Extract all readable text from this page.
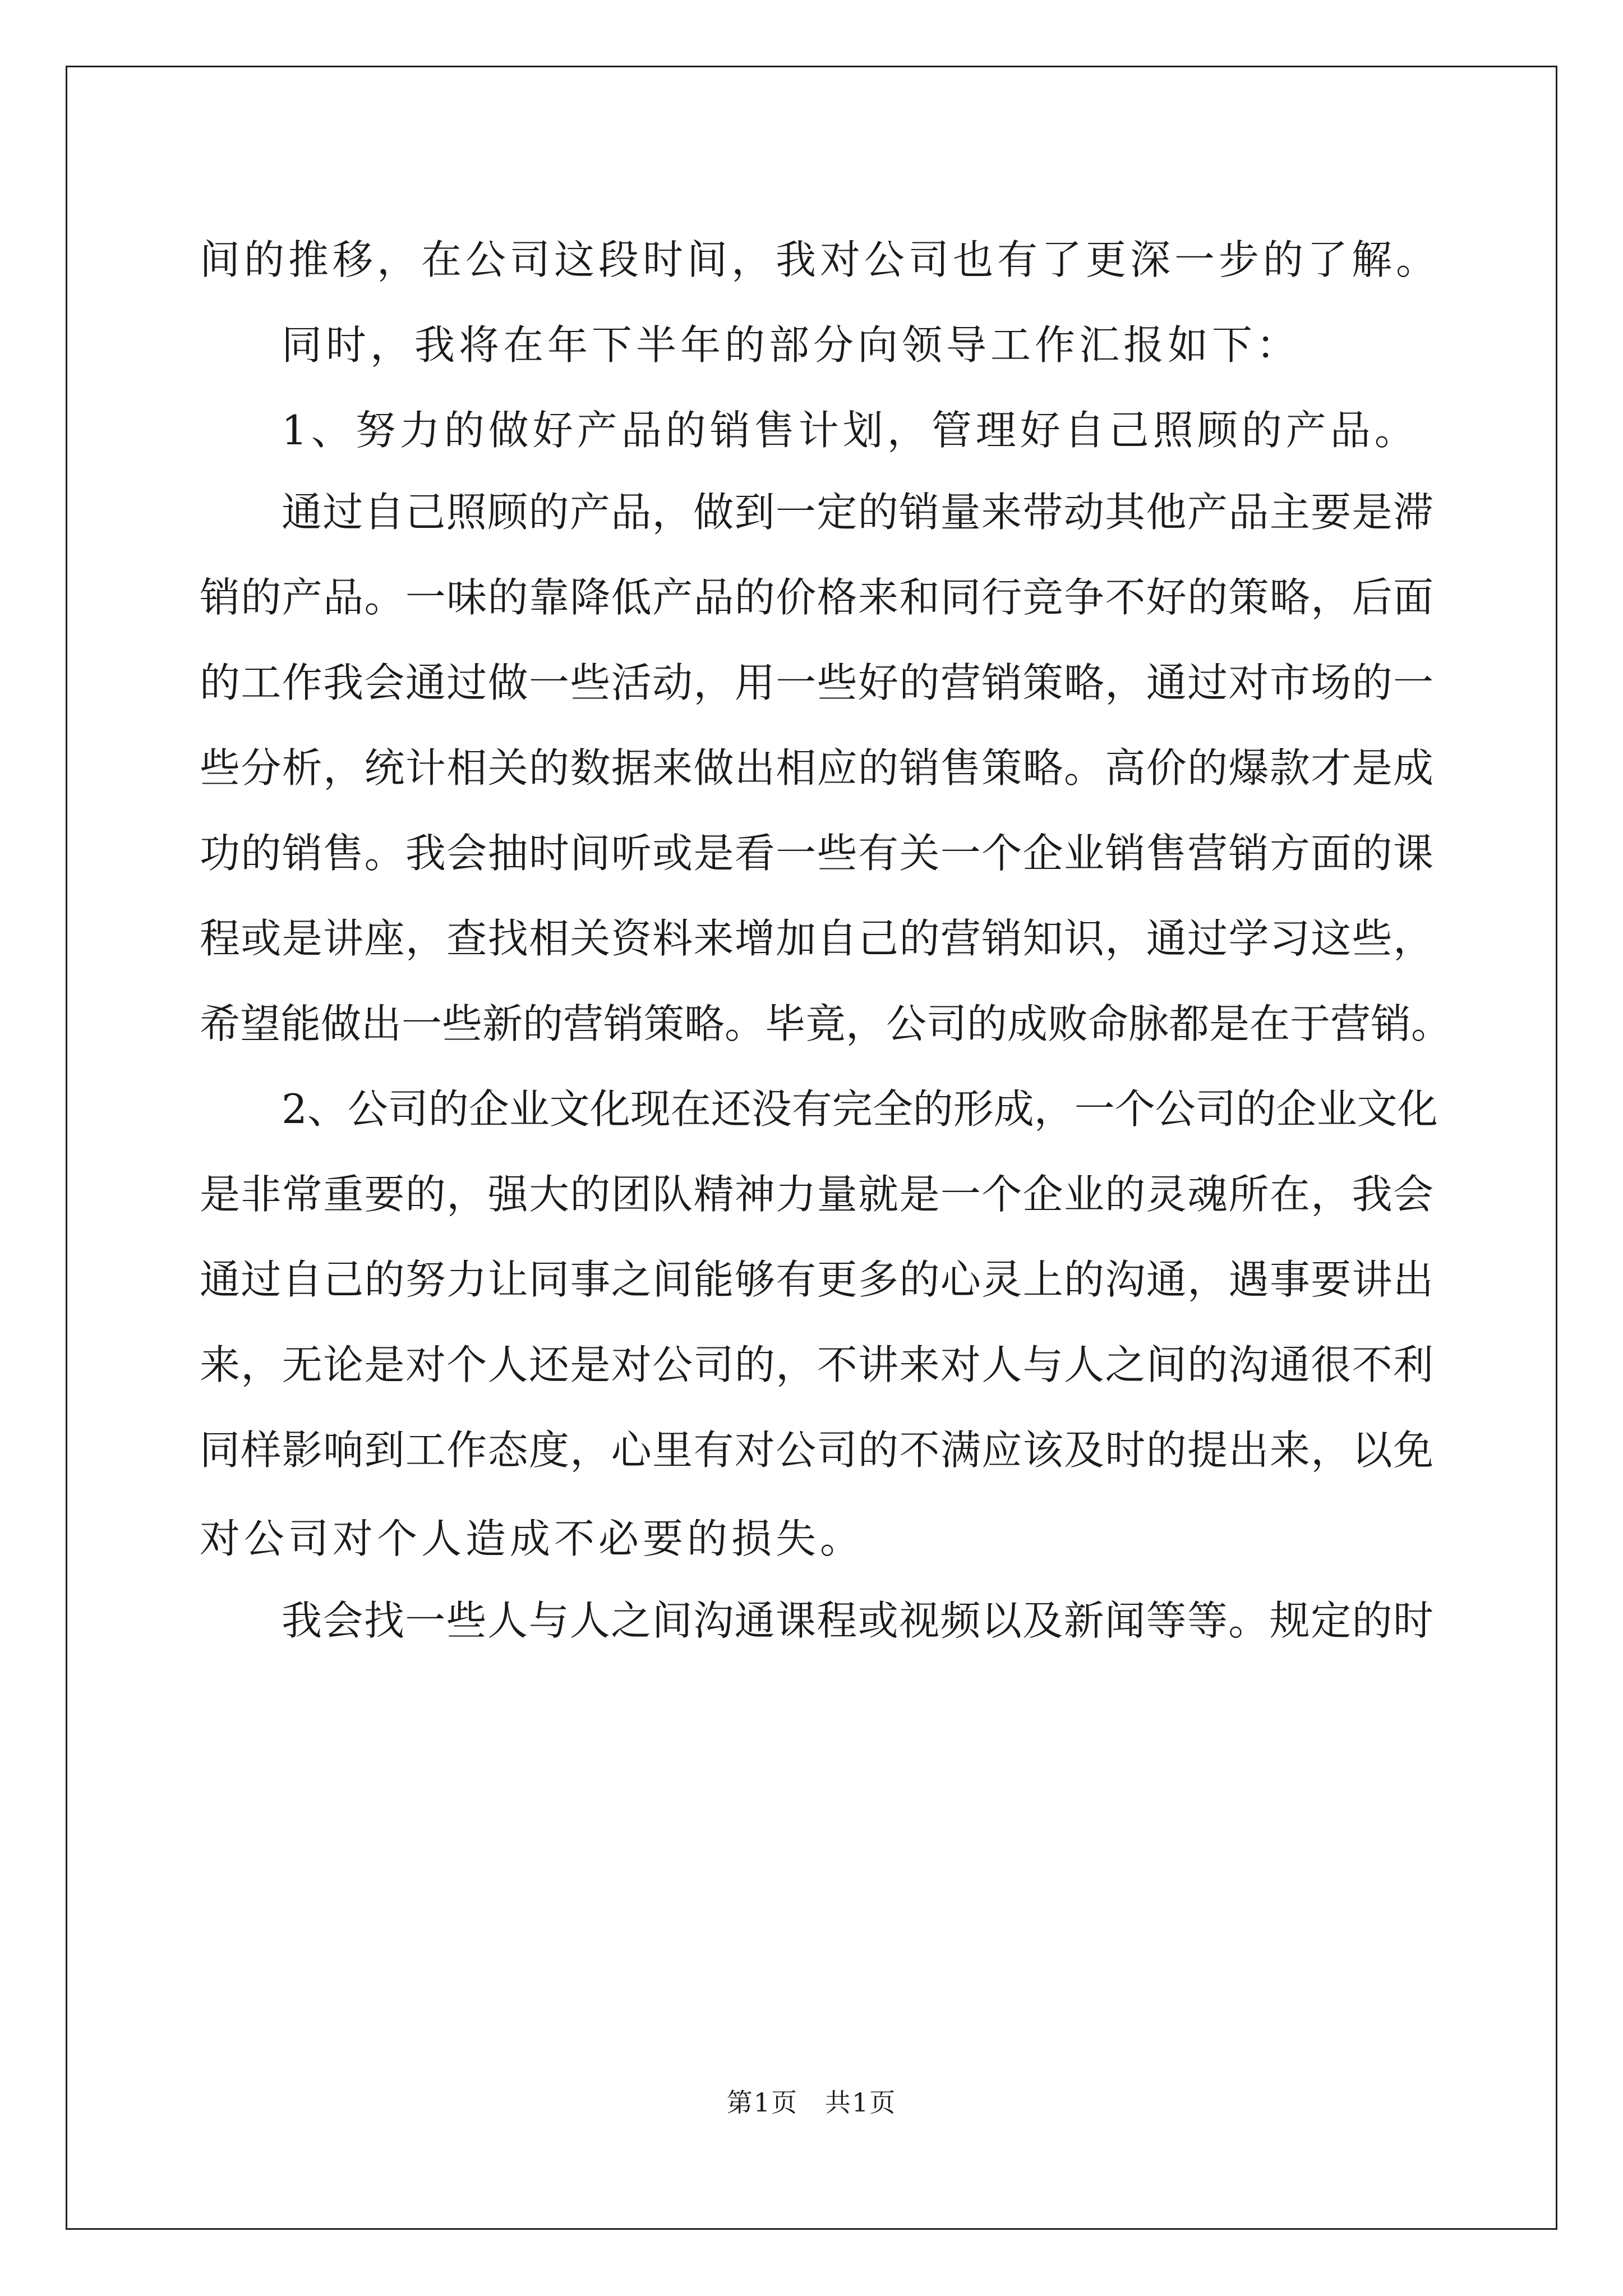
间的推移，在公司这段时间，我对公司也有了更深一步的了解。
同时，我将在年下半年的部分向领导工作汇报如下：
1、努力的做好产品的销售计划，管理好自己照顾的产品。
通过自己照顾的产品，做到一定的销量来带动其他产品主要是滞
销的产品。一味的靠降低产品的价格来和同行竞争不好的策略，后面
的工作我会通过做一些活动，用一些好的营销策略，通过对市场的一
些分析，统计相关的数据来做出相应的销售策略。高价的爆款才是成
功的销售。我会抽时间听或是看一些有关一个企业销售营销方面的课
程或是讲座，查找相关资料来增加自己的营销知识，通过学习这些，
希望能做出一些新的营销策略。毕竟，公司的成败命脉都是在于营销。
2、公司的企业文化现在还没有完全的形成，一个公司的企业文化
是非常重要的，强大的团队精神力量就是一个企业的灵魂所在，我会
通过自己的努力让同事之间能够有更多的心灵上的沟通，遇事要讲出
来，无论是对个人还是对公司的，不讲来对人与人之间的沟通很不利
同样影响到工作态度，心里有对公司的不满应该及时的提出来，以免
对公司对个人造成不必要的损失。
我会找一些人与人之间沟通课程或视频以及新闻等等。规定的时
第1页　共1页
